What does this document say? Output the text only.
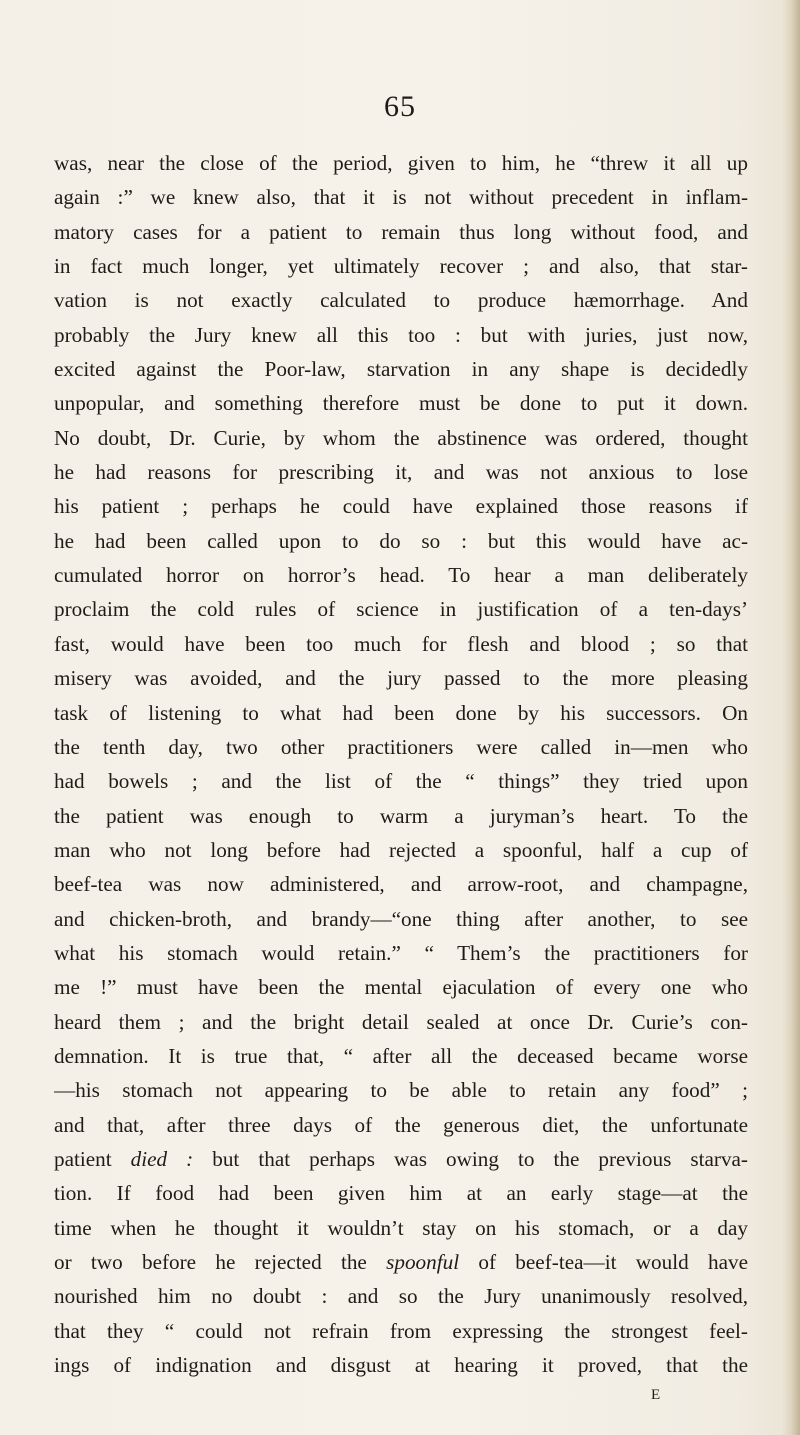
65
was, near the close of the period, given to him, he “threw it all up
again :” we knew also, that it is not without precedent in inflam-
matory cases for a patient to remain thus long without food, and
in fact much longer, yet ultimately recover ; and also, that star-
vation is not exactly calculated to produce hæmorrhage. And
probably the Jury knew all this too : but with juries, just now,
excited against the Poor-law, starvation in any shape is decidedly
unpopular, and something therefore must be done to put it down.
No doubt, Dr. Curie, by whom the abstinence was ordered, thought
he had reasons for prescribing it, and was not anxious to lose
his patient ; perhaps he could have explained those reasons if
he had been called upon to do so : but this would have ac-
cumulated horror on horror’s head. To hear a man deliberately
proclaim the cold rules of science in justification of a ten-days’
fast, would have been too much for flesh and blood ; so that
misery was avoided, and the jury passed to the more pleasing
task of listening to what had been done by his successors. On
the tenth day, two other practitioners were called in—men who
had bowels ; and the list of the “ things” they tried upon
the patient was enough to warm a juryman’s heart. To the
man who not long before had rejected a spoonful, half a cup of
beef-tea was now administered, and arrow-root, and champagne,
and chicken-broth, and brandy—“one thing after another, to see
what his stomach would retain.” “ Them’s the practitioners for
me !” must have been the mental ejaculation of every one who
heard them ; and the bright detail sealed at once Dr. Curie’s con-
demnation. It is true that, “ after all the deceased became worse
—his stomach not appearing to be able to retain any food” ;
and that, after three days of the generous diet, the unfortunate
patient died : but that perhaps was owing to the previous starva-
tion. If food had been given him at an early stage—at the
time when he thought it wouldn’t stay on his stomach, or a day
or two before he rejected the spoonful of beef-tea—it would have
nourished him no doubt : and so the Jury unanimously resolved,
that they “ could not refrain from expressing the strongest feel-
ings of indignation and disgust at hearing it proved, that the
E
